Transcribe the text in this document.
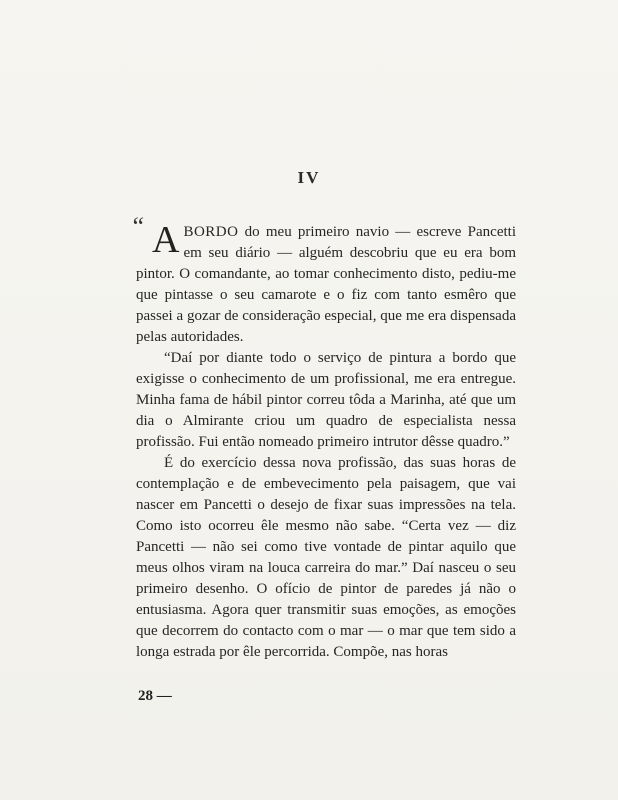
IV

“ A BORDO do meu primeiro navio — escreve Pancetti em seu diário — alguém descobriu que eu era bom pintor. O comandante, ao tomar conhecimento disto, pediu-me que pintasse o seu camarote e o fiz com tanto esmêro que passei a gozar de consideração especial, que me era dispensada pelas autoridades.

“Daí por diante todo o serviço de pintura a bordo que exigisse o conhecimento de um profissional, me era entregue. Minha fama de hábil pintor correu tôda a Marinha, até que um dia o Almirante criou um quadro de especialista nessa profissão. Fui então nomeado primeiro intrutor dêsse quadro.”

É do exercício dessa nova profissão, das suas horas de contemplação e de embevecimento pela paisagem, que vai nascer em Pancetti o desejo de fixar suas impressões na tela. Como isto ocorreu êle mesmo não sabe. “Certa vez — diz Pancetti — não sei como tive vontade de pintar aquilo que meus olhos viram na louca carreira do mar.” Daí nasceu o seu primeiro desenho. O ofício de pintor de paredes já não o entusiasma. Agora quer transmitir suas emoções, as emoções que decorrem do contacto com o mar — o mar que tem sido a longa estrada por êle percorrida. Compõe, nas horas

28 —
